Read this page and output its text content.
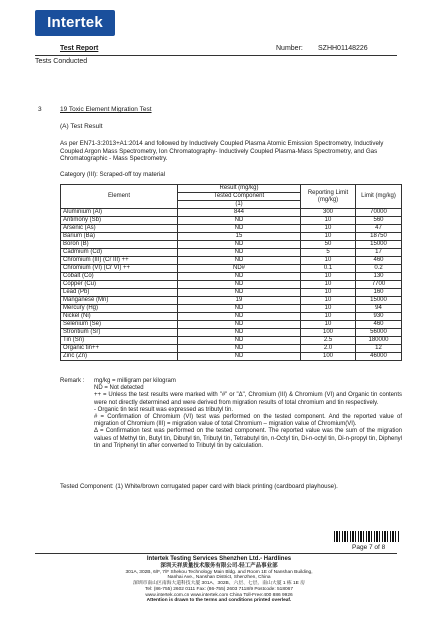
Intertek
Test Report	Number: SZHH01148226
Tests Conducted
3	19 Toxic Element Migration Test
(A) Test Result
As per EN71-3:2013+A1:2014 and followed by Inductively Coupled Plasma Atomic Emission Spectrometry, Inductively Coupled Argon Mass Spectrometry, Ion Chromatography- Inductively Coupled Plasma-Mass Spectrometry, and Gas Chromatographic - Mass Spectrometry.
Category (III): Scraped-off toy material
Element	Result (mg/kg)	Reporting Limit (mg/kg)	Limit (mg/kg)
	Tested Component		
	(1)		
Aluminium (Al)	844	300	70000
Antimony (Sb)	ND	10	560
Arsenic (As)	ND	10	47
Barium (Ba)	15	10	18750
Boron (B)	ND	50	15000
Cadmium (Cd)	ND	5	17
Chromium (III) (Cr III) ++	ND	10	460
Chromium (VI) (Cr VI) ++	ND#	0.1	0.2
Cobalt (Co)	ND	10	130
Copper (Cu)	ND	10	7700
Lead (Pb)	ND	10	160
Manganese (Mn)	19	10	15000
Mercury (Hg)	ND	10	94
Nickel (Ni)	ND	10	930
Selenium (Se)	ND	10	460
Strontium (Sr)	ND	100	56000
Tin (Sn)	ND	2.5	180000
Organic tin++	ND	2.0	12
Zinc (Zn)	ND	100	46000
Remark : mg/kg = milligram per kilogram

ND = Not detected

++ = Unless the test results were marked with "#" or "Δ", Chromium (III) & Chromium (VI) and Organic tin contents were not directly determined and were derived from migration results of total chromium and tin respectively.

- Organic tin test result was expressed as tributyl tin.

# = Confirmation of Chromium (VI) test was performed on the tested component. And the reported value of migration of Chromium (III) = migration value of total Chromium – migration value of Chromium(VI).

Δ = Confirmation test was performed on the tested component. The reported value was the sum of the migration values of Methyl tin, Butyl tin, Dibutyl tin, Tributyl tin, Tetrabutyl tin, n-Octyl tin, Di-n-octyl tin, Di-n-propyl tin, Diphenyl tin and Triphenyl tin after converted to Tributyl tin by calculation.

Tested Component: (1) White/brown corrugated paper card with black printing (cardboard playhouse).
Page 7 of 8
Intertek Testing Services Shenzhen Ltd.- Hardlines
深圳天祥质量技术服务有限公司-轻工产品事业部
301A, 302B, 6/F, 7/F Shekou Technology Main Bldg. and Room 1E of Nanshan Building,
Nanhai Ave., Nanshan District, Shenzhen, China
深圳市南山区南海大道科技大厦 301A、302B、六层、七层、南山大厦 1 栋 1E 房
Tel: (86-755) 2602 0111 Fax: (86-755) 2603 7118/9 Postcode: 518067
www.intertek.com.cn www.intertek.com China Toll-Free:400 886 9926
Attention is drawn to the terms and conditions printed overleaf.
